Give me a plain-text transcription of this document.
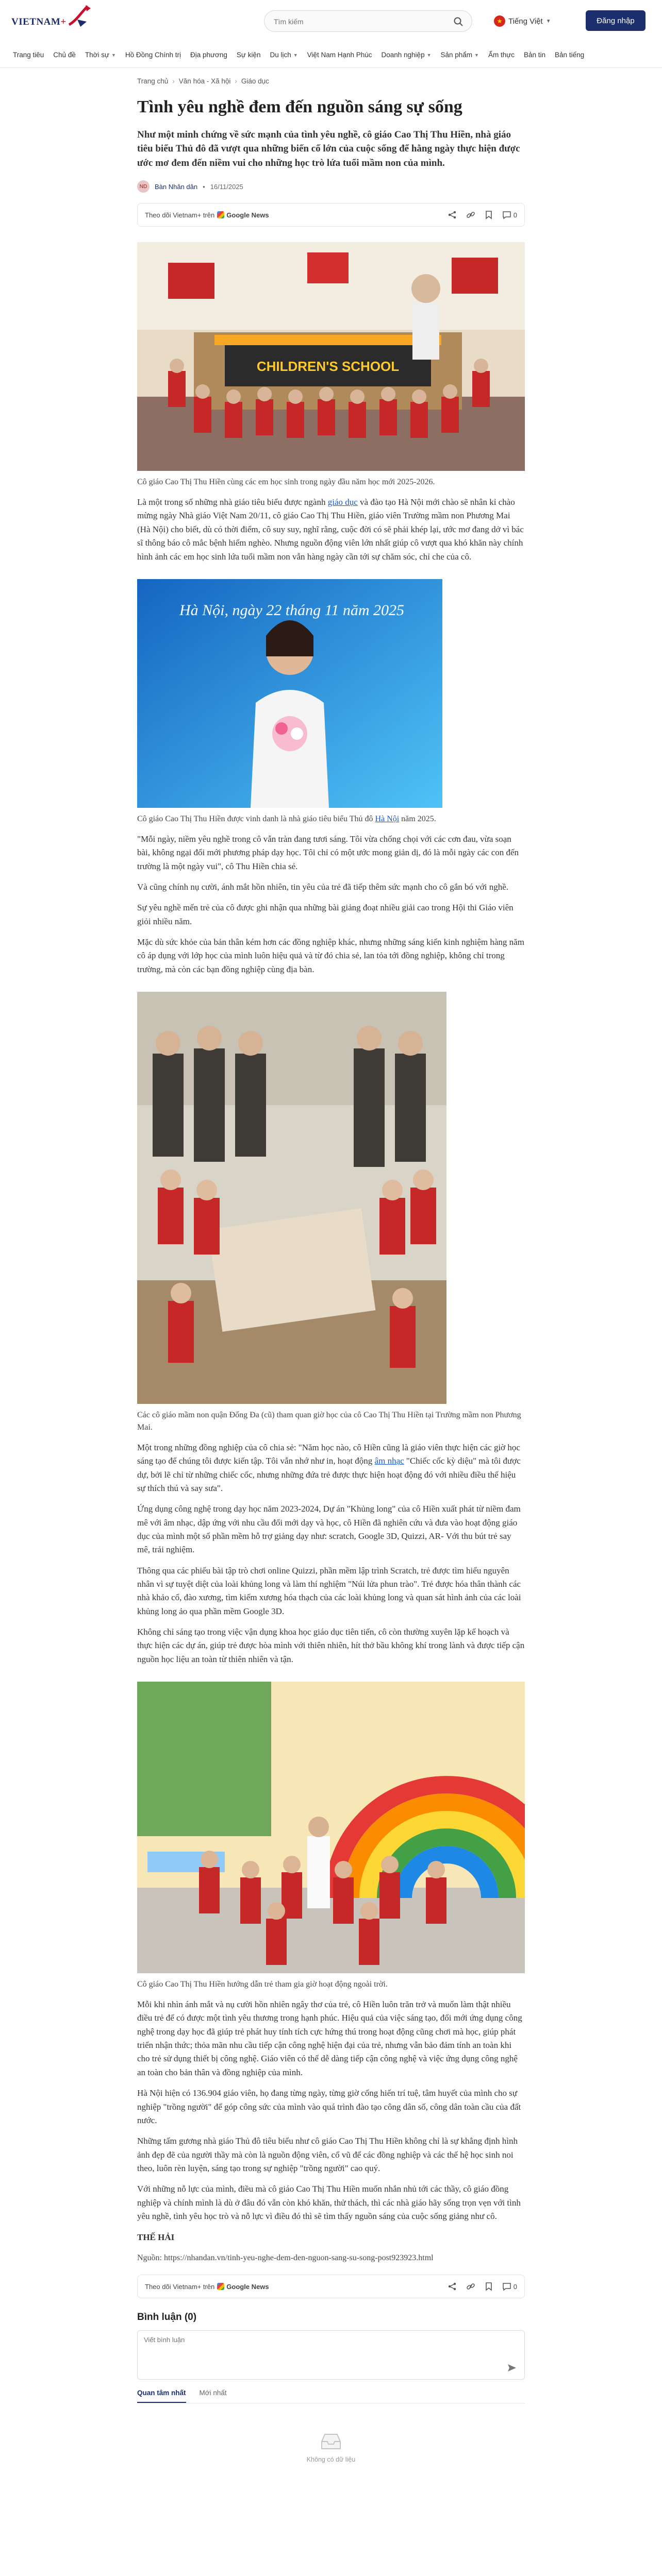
VIETNAM+
Tìm kiếm	★ Tiếng Việt ▼	Đăng nhập
Trang tiêu Chủ đề Thời sự ▼ Hồ Đồng Chính trị Địa phương Sự kiện Du lịch ▼ Việt Nam Hạnh Phúc Doanh nghiệp ▼ Sản phẩm ▼ Ẩm thực Bản tin Bản tiếng
Trang chủ › Văn hóa - Xã hội › Giáo dục
Tình yêu nghề đem đến nguồn sáng sự sống

Như một minh chứng về sức mạnh của tình yêu nghề, cô giáo Cao Thị Thu Hiền, nhà giáo tiêu biểu Thủ đô đã vượt qua những biến cố lớn của cuộc sống để hằng ngày thực hiện được ước mơ đem đến niềm vui cho những học trò lứa tuổi mầm non của mình.

ND	Bàn Nhân dân • 16/11/2025
Theo dõi Vietnam+ trên Google News	0
CHILDREN'S SCHOOL

Cô giáo Cao Thị Thu Hiền cùng các em học sinh trong ngày đầu năm học mới 2025-2026.

Là một trong số những nhà giáo tiêu biểu được ngành giáo dục và đào tạo Hà Nội mới chào sẽ nhân kỉ chào mừng ngày Nhà giáo Việt Nam 20/11, cô giáo Cao Thị Thu Hiền, giáo viên Trường mầm non Phương Mai (Hà Nội) cho biết, dù có thời điểm, cô suy suy, nghĩ rằng, cuộc đời có sẽ phải khép lại, ước mơ đang dở vì bác sĩ thông báo cô mắc bệnh hiểm nghèo. Nhưng nguồn động viên lớn nhất giúp cô vượt qua khó khăn này chính hình ảnh các em học sinh lứa tuổi mầm non vẫn hàng ngày cần tới sự chăm sóc, chỉ che của cô.

Hà Nội, ngày 22 tháng 11 năm 2025

Cô giáo Cao Thị Thu Hiền được vinh danh là nhà giáo tiêu biểu Thủ đô Hà Nội năm 2025.

"Mỗi ngày, niềm yêu nghề trong cô vẫn tràn đang tươi sáng. Tôi vừa chống chọi với các cơn đau, vừa soạn bài, không ngại đổi mới phương pháp dạy học. Tôi chỉ có một ước mong giản dị, đó là mỗi ngày các con đến trường là một ngày vui", cô Thu Hiền chia sẻ.

Và cũng chính nụ cười, ánh mắt hồn nhiên, tin yêu của trẻ đã tiếp thêm sức mạnh cho cô gắn bó với nghề.

Sự yêu nghề mến trẻ của cô được ghi nhận qua những bài giảng đoạt nhiều giải cao trong Hội thi Giáo viên giỏi nhiều năm.

Mặc dù sức khỏe của bản thân kém hơn các đồng nghiệp khác, nhưng những sáng kiến kinh nghiệm hàng năm cô áp dụng với lớp học của mình luôn hiệu quả và từ đó chia sẻ, lan tỏa tới đồng nghiệp, không chỉ trong trường, mà còn các bạn đồng nghiệp cùng địa bàn.

Các cô giáo mầm non quận Đống Đa (cũ) tham quan giờ học của cô Cao Thị Thu Hiền tại Trường mầm non Phương Mai.

Một trong những đồng nghiệp của cô chia sẻ: "Năm học nào, cô Hiền cũng là giáo viên thực hiện các giờ học sáng tạo để chúng tôi được kiến tập. Tôi vẫn nhớ như in, hoạt động âm nhạc "Chiếc cốc kỳ diệu" mà tôi được dự, bởi lẽ chỉ từ những chiếc cốc, nhưng những đứa trẻ được thực hiện hoạt động đó với nhiều điều thế hiệu sự thích thú và say sưa".

Ứng dụng công nghệ trong dạy học năm 2023-2024, Dự án "Khủng long" của cô Hiền xuất phát từ niềm đam mê với âm nhạc, dập ứng với nhu cầu đổi mới dạy và học, cô Hiền đã nghiên cứu và đưa vào hoạt động giáo dục của mình một số phần mềm hỗ trợ giảng dạy như: scratch, Google 3D, Quizzi, AR- Với thu bút trẻ say mê, trải nghiệm.

Thông qua các phiếu bài tập trò chơi online Quizzi, phần mềm lập trình Scratch, trẻ được tìm hiểu nguyên nhân vì sự tuyệt diệt của loài khủng long và làm thí nghiệm "Núi lửa phun trào". Trẻ được hóa thân thành các nhà khảo cổ, đào xương, tìm kiếm xương hóa thạch của các loài khủng long và quan sát hình ảnh của các loài khủng long ảo qua phần mềm Google 3D.

Không chỉ sáng tạo trong việc vận dụng khoa học giáo dục tiên tiến, cô còn thường xuyên lặp kế hoạch và thực hiện các dự án, giúp trẻ được hòa mình với thiên nhiên, hít thở bầu không khí trong lành và được tiếp cận nguồn học liệu an toàn từ thiên nhiên và tận.

Cô giáo Cao Thị Thu Hiền hướng dẫn trẻ tham gia giờ hoạt động ngoài trời.

Mỗi khi nhìn ánh mắt và nụ cười hồn nhiên ngây thơ của trẻ, cô Hiền luôn trăn trở và muốn làm thật nhiều điều trẻ để có được một tình yêu thương trong hạnh phúc. Hiệu quả của việc sáng tạo, đổi mới ứng dụng công nghệ trong dạy học đã giúp trẻ phát huy tính tích cực hứng thú trong hoạt động cũng chơi mà học, giúp phát triển nhận thức; thỏa mãn nhu cầu tiếp cận công nghệ hiện đại của trẻ, nhưng vẫn bảo đảm tính an toàn khi cho trẻ sử dụng thiết bị công nghệ. Giáo viên có thể dễ dàng tiếp cận công nghệ và việc ứng dụng công nghệ an toàn cho bản thân và đồng nghiệp của mình.

Hà Nội hiện có 136.904 giáo viên, họ đang từng ngày, từng giờ cống hiến trí tuệ, tâm huyết của mình cho sự nghiệp "trồng người" để góp công sức của mình vào quá trình đào tạo công dân số, công dân toàn cầu của đất nước.

Những tấm gương nhà giáo Thủ đô tiêu biểu như cô giáo Cao Thị Thu Hiền không chỉ là sự khẳng định hình ảnh đẹp đẽ của người thầy mà còn là nguồn động viên, cổ vũ để các đồng nghiệp và các thế hệ học sinh noi theo, luôn rèn luyện, sáng tạo trong sự nghiệp "trồng người" cao quý.

Với những nỗ lực của mình, điều mà cô giáo Cao Thị Thu Hiền muốn nhắn nhủ tới các thầy, cô giáo đồng nghiệp và chính mình là dù ở đâu đó vẫn còn khó khăn, thử thách, thì các nhà giáo hãy sống trọn vẹn với tình yêu nghề, tình yêu học trò và nỗ lực vì điều đó thì sẽ tìm thấy nguồn sáng của cuộc sống giảng như cô.

THẾ HẢI

Nguồn: https://nhandan.vn/tinh-yeu-nghe-dem-den-nguon-sang-su-song-post923923.html

Theo dõi Vietnam+ trên Google News	0
Bình luận (0)
Viết bình luận
Quan tâm nhất Mới nhất
Không có dữ liệu
